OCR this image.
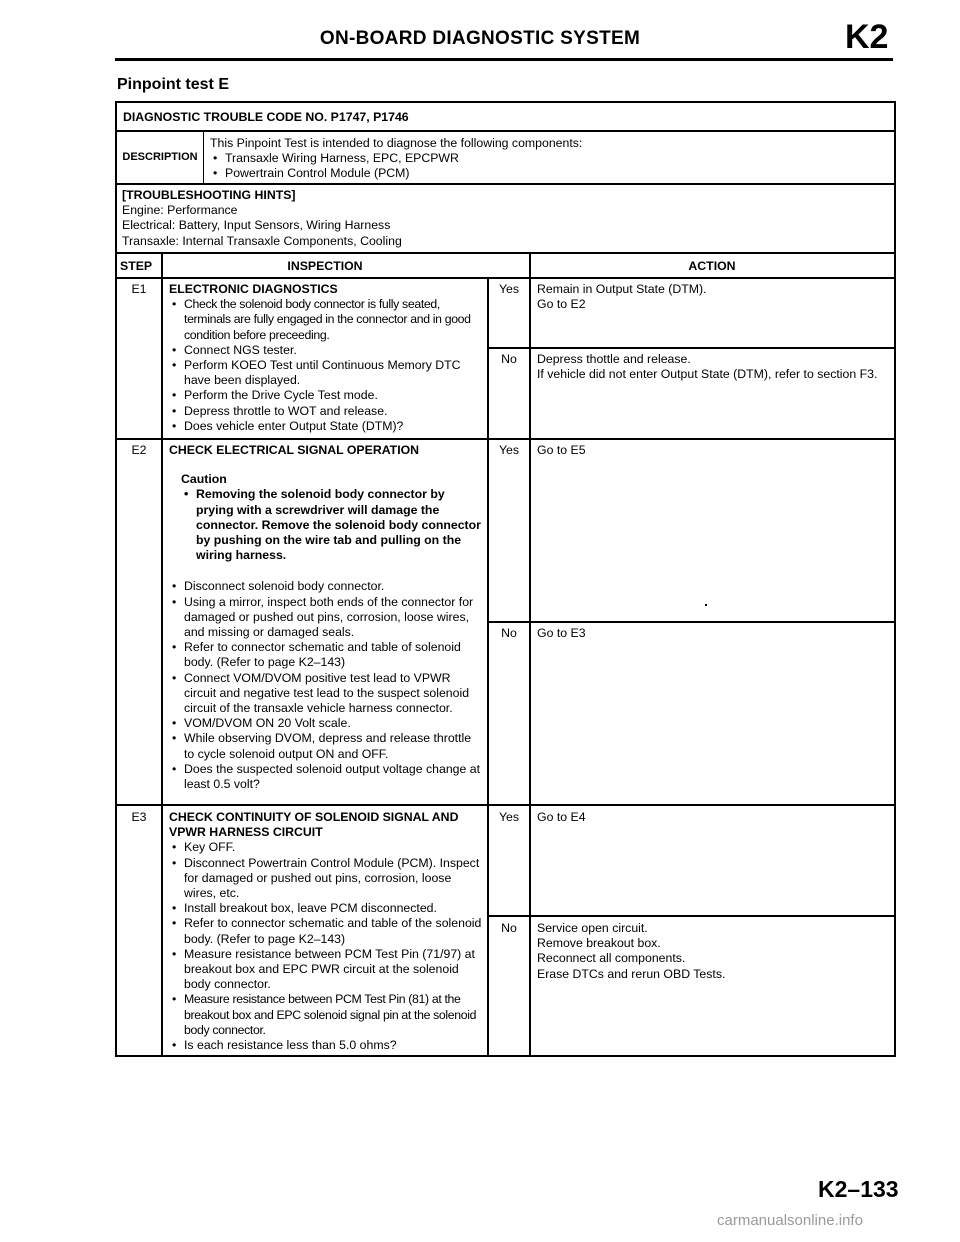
ON-BOARD DIAGNOSTIC SYSTEM	K2
Pinpoint test E
DIAGNOSTIC TROUBLE CODE NO. P1747, P1746
DESCRIPTION
This Pinpoint Test is intended to diagnose the following components:
• Transaxle Wiring Harness, EPC, EPCPWR
• Powertrain Control Module (PCM)
[TROUBLESHOOTING HINTS]
Engine: Performance
Electrical: Battery, Input Sensors, Wiring Harness
Transaxle: Internal Transaxle Components, Cooling
STEP	INSPECTION	ACTION
E1	ELECTRONIC DIAGNOSTICS
• Check the solenoid body connector is fully seated, terminals are fully engaged in the connector and in good condition before preceeding.
• Connect NGS tester.
• Perform KOEO Test until Continuous Memory DTC have been displayed.
• Perform the Drive Cycle Test mode.
• Depress throttle to WOT and release.
• Does vehicle enter Output State (DTM)?
Yes	Remain in Output State (DTM).
Go to E2
No	Depress thottle and release.
If vehicle did not enter Output State (DTM), refer to section F3.
E2	CHECK ELECTRICAL SIGNAL OPERATION
Caution
• Removing the solenoid body connector by prying with a screwdriver will damage the connector. Remove the solenoid body connector by pushing on the wire tab and pulling on the wiring harness.
• Disconnect solenoid body connector.
• Using a mirror, inspect both ends of the connector for damaged or pushed out pins, corrosion, loose wires, and missing or damaged seals.
• Refer to connector schematic and table of solenoid body. (Refer to page K2–143)
• Connect VOM/DVOM positive test lead to VPWR circuit and negative test lead to the suspect solenoid circuit of the transaxle vehicle harness connector.
• VOM/DVOM ON 20 Volt scale.
• While observing DVOM, depress and release throttle to cycle solenoid output ON and OFF.
• Does the suspected solenoid output voltage change at least 0.5 volt?
Yes	Go to E5
No	Go to E3
E3	CHECK CONTINUITY OF SOLENOID SIGNAL AND VPWR HARNESS CIRCUIT
• Key OFF.
• Disconnect Powertrain Control Module (PCM). Inspect for damaged or pushed out pins, corrosion, loose wires, etc.
• Install breakout box, leave PCM disconnected.
• Refer to connector schematic and table of the solenoid body. (Refer to page K2–143)
• Measure resistance between PCM Test Pin (71/97) at breakout box and EPC PWR circuit at the solenoid body connector.
• Measure resistance between PCM Test Pin (81) at the breakout box and EPC solenoid signal pin at the solenoid body connector.
• Is each resistance less than 5.0 ohms?
Yes	Go to E4
No	Service open circuit.
Remove breakout box.
Reconnect all components.
Erase DTCs and rerun OBD Tests.
K2–133
carmanualsonline.info
